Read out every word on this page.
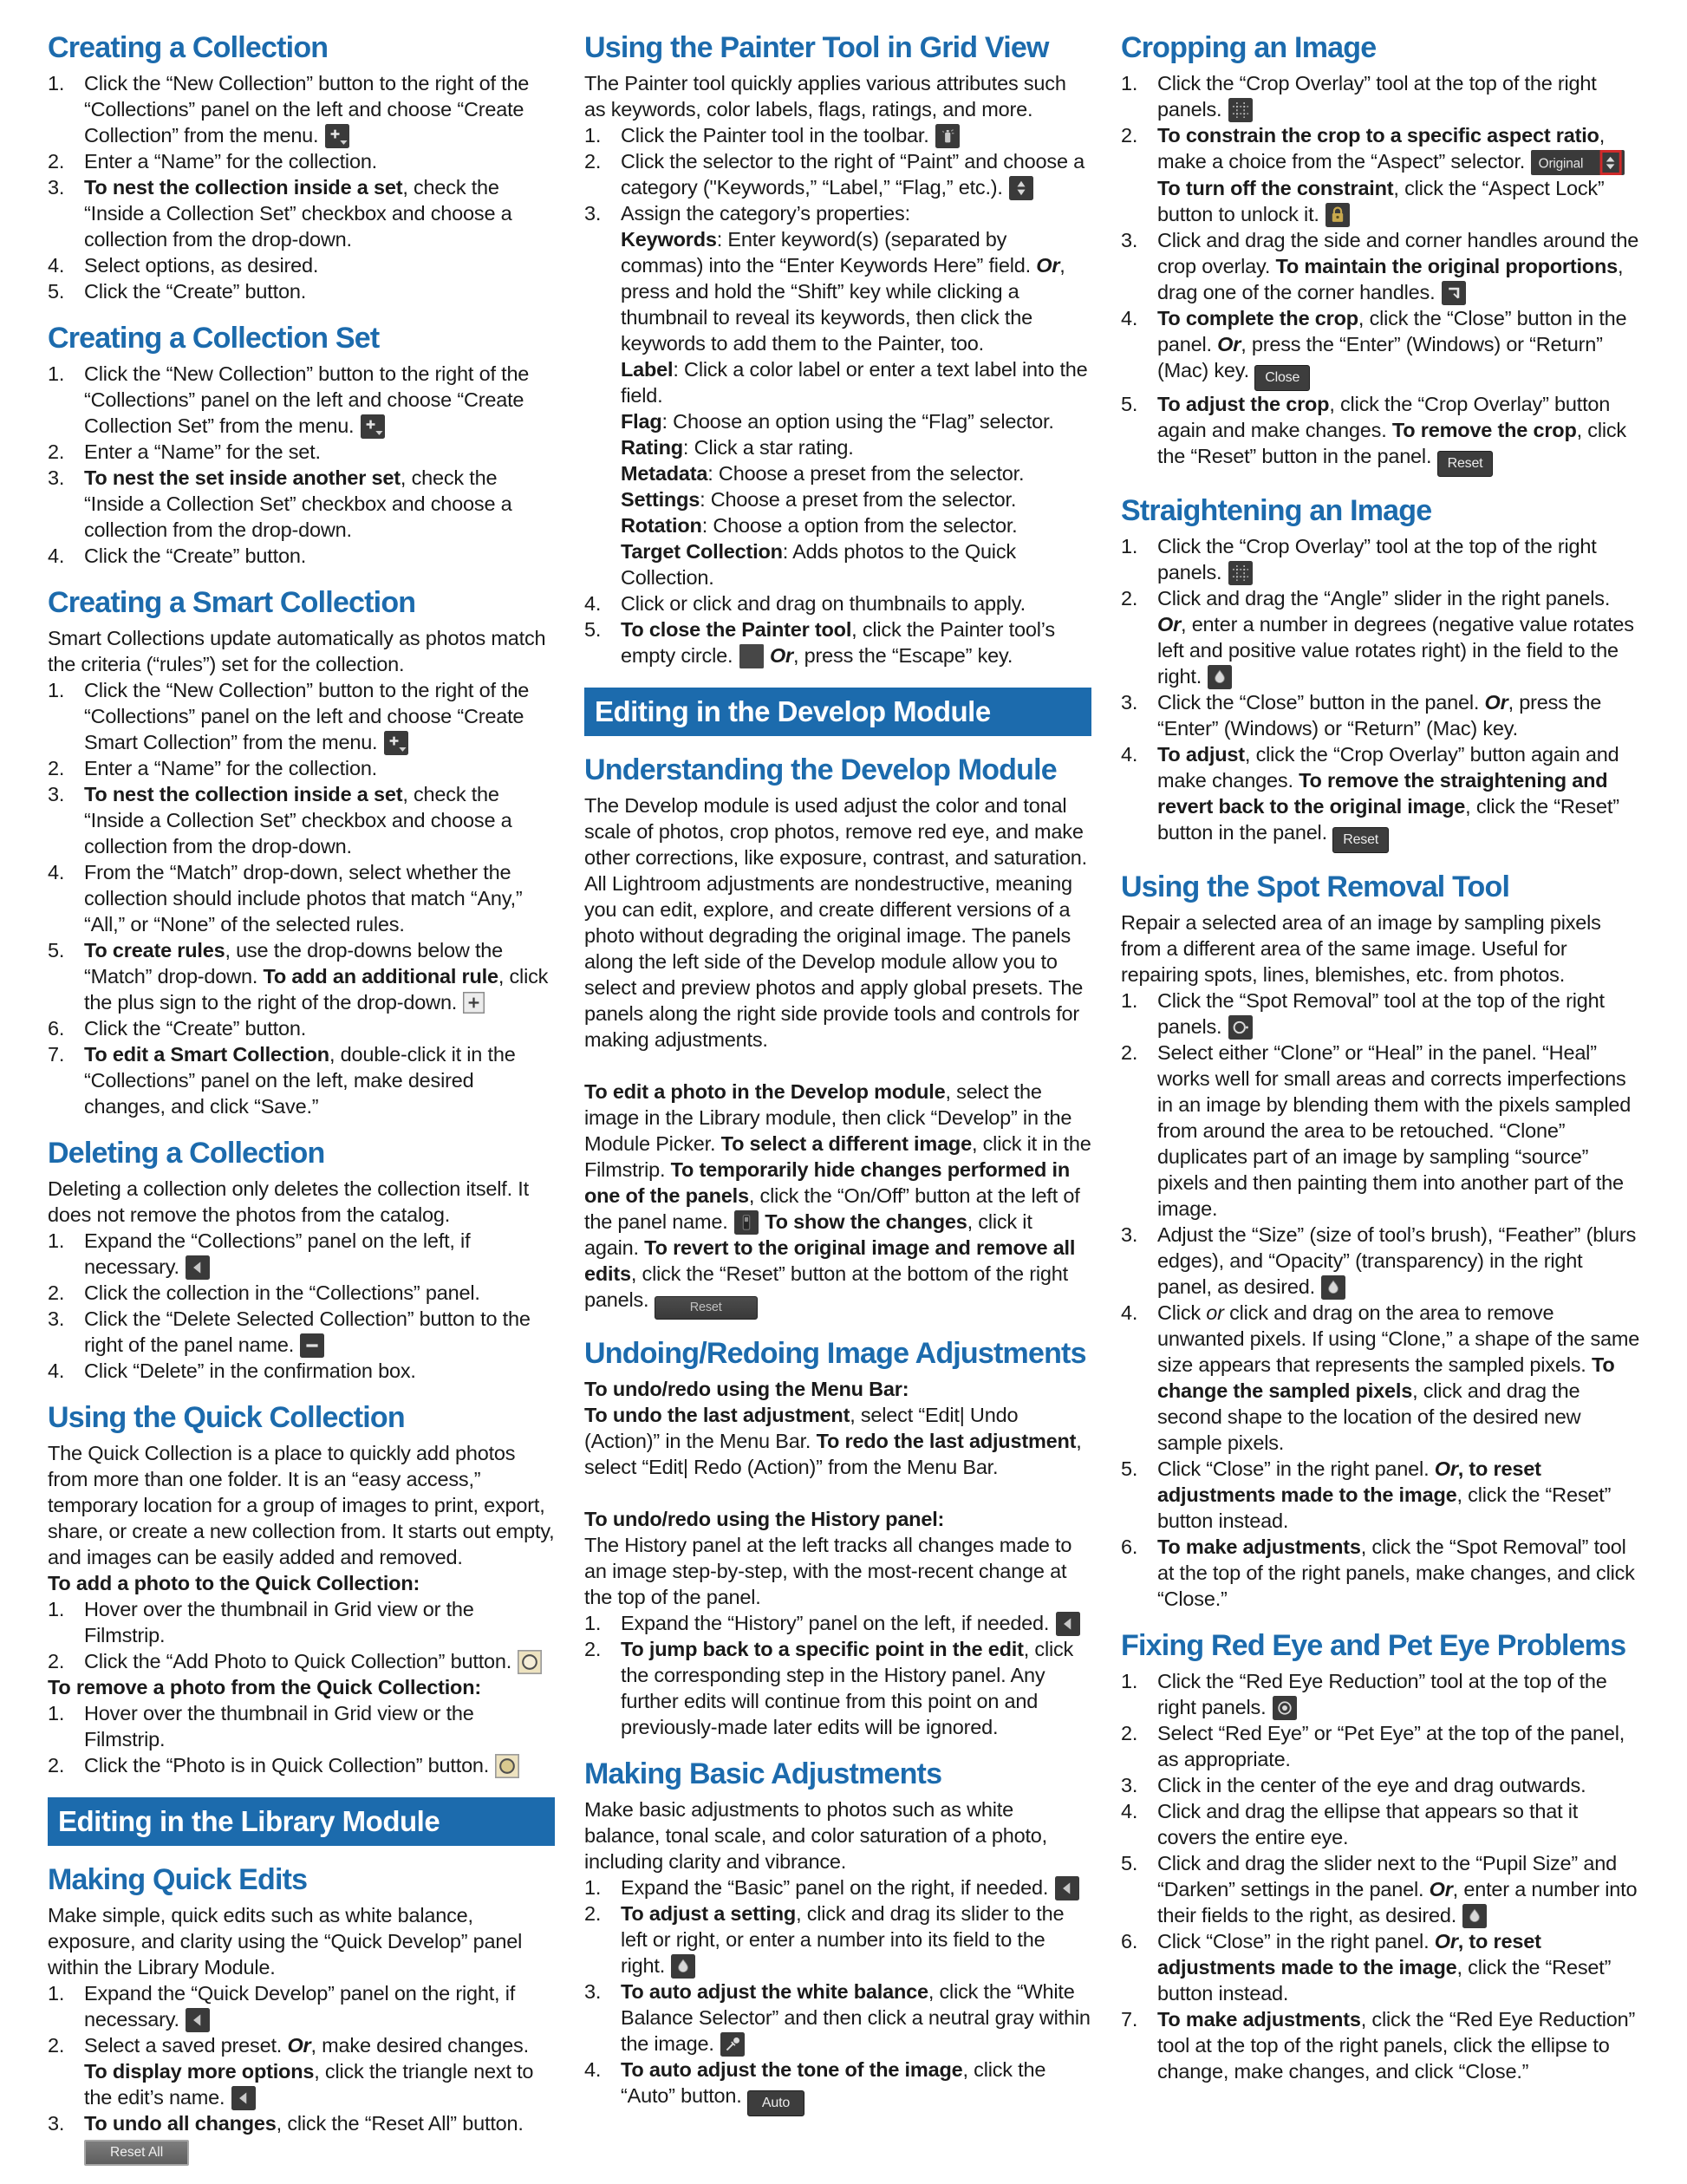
Creating a Collection
1. Click the “New Collection” button to the right of the “Collections” panel on the left and choose “Create Collection” from the menu.
2. Enter a “Name” for the collection.
3. To nest the collection inside a set, check the “Inside a Collection Set” checkbox and choose a collection from the drop-down.
4. Select options, as desired.
5. Click the “Create” button.
Creating a Collection Set
1. Click the “New Collection” button to the right of the “Collections” panel on the left and choose “Create Collection Set” from the menu.
2. Enter a “Name” for the set.
3. To nest the set inside another set, check the “Inside a Collection Set” checkbox and choose a collection from the drop-down.
4. Click the “Create” button.
Creating a Smart Collection

Smart Collections update automatically as photos match the criteria (“rules”) set for the collection.

1. Click the “New Collection” button to the right of the “Collections” panel on the left and choose “Create Smart Collection” from the menu.
2. Enter a “Name” for the collection.
3. To nest the collection inside a set, check the “Inside a Collection Set” checkbox and choose a collection from the drop-down.
4. From the “Match” drop-down, select whether the collection should include photos that match “Any,” “All,” or “None” of the selected rules.
5. To create rules, use the drop-downs below the “Match” drop-down. To add an additional rule, click the plus sign to the right of the drop-down.
6. Click the “Create” button.
7. To edit a Smart Collection, double-click it in the “Collections” panel on the left, make desired changes, and click “Save.”
Deleting a Collection

Deleting a collection only deletes the collection itself. It does not remove the photos from the catalog.

1. Expand the “Collections” panel on the left, if necessary.
2. Click the collection in the “Collections” panel.
3. Click the “Delete Selected Collection” button to the right of the panel name.
4. Click “Delete” in the confirmation box.
Using the Quick Collection

The Quick Collection is a place to quickly add photos from more than one folder. It is an “easy access,” temporary location for a group of images to print, export, share, or create a new collection from. It starts out empty, and images can be easily added and removed.

To add a photo to the Quick Collection:

1. Hover over the thumbnail in Grid view or the Filmstrip.
2. Click the “Add Photo to Quick Collection” button.

To remove a photo from the Quick Collection:

1. Hover over the thumbnail in Grid view or the Filmstrip.
2. Click the “Photo is in Quick Collection” button.
Editing in the Library Module
Making Quick Edits

Make simple, quick edits such as white balance, exposure, and clarity using the “Quick Develop” panel within the Library Module.

1. Expand the “Quick Develop” panel on the right, if necessary.
2. Select a saved preset. Or, make desired changes. To display more options, click the triangle next to the edit’s name.
3. To undo all changes, click the “Reset All” button.
Reset All
Using the Painter Tool in Grid View

The Painter tool quickly applies various attributes such as keywords, color labels, flags, ratings, and more.

1. Click the Painter tool in the toolbar.
2. Click the selector to the right of “Paint” and choose a category ("Keywords,” “Label,” “Flag,” etc.).
3. Assign the category’s properties:

Keywords: Enter keyword(s) (separated by commas) into the “Enter Keywords Here” field. Or, press and hold the “Shift” key while clicking a thumbnail to reveal its keywords, then click the keywords to add them to the Painter, too.

Label: Click a color label or enter a text label into the field.

Flag: Choose an option using the “Flag” selector.

Rating: Click a star rating.

Metadata: Choose a preset from the selector.

Settings: Choose a preset from the selector.

Rotation: Choose a option from the selector.

Target Collection: Adds photos to the Quick Collection.

4. Click or click and drag on thumbnails to apply.
5. To close the Painter tool, click the Painter tool’s empty circle.
Or, press the “Escape” key.
Editing in the Develop Module
Understanding the Develop Module

The Develop module is used adjust the color and tonal scale of photos, crop photos, remove red eye, and make other corrections, like exposure, contrast, and saturation. All Lightroom adjustments are nondestructive, meaning you can edit, explore, and create different versions of a photo without degrading the original image. The panels along the left side of the Develop module allow you to select and preview photos and apply global presets. The panels along the right side provide tools and controls for making adjustments.

To edit a photo in the Develop module, select the image in the Library module, then click “Develop” in the Module Picker. To select a different image, click it in the Filmstrip. To temporarily hide changes performed in one of the panels, click the “On/Off” button at the left of the panel name.
To show the changes, click it again. To revert to the original image and remove all edits, click the “Reset” button at the bottom of the right panels.	Reset

Undoing/Redoing Image Adjustments

To undo/redo using the Menu Bar:

To undo the last adjustment, select “Edit| Undo (Action)” in the Menu Bar. To redo the last adjustment, select “Edit| Redo (Action)” from the Menu Bar.

To undo/redo using the History panel:

The History panel at the left tracks all changes made to an image step-by-step, with the most-recent change at the top of the panel.

1. Expand the “History” panel on the left, if needed.
2. To jump back to a specific point in the edit, click the corresponding step in the History panel. Any further edits will continue from this point on and previously-made later edits will be ignored.
Making Basic Adjustments

Make basic adjustments to photos such as white balance, tonal scale, and color saturation of a photo, including clarity and vibrance.

1. Expand the “Basic” panel on the right, if needed.
2. To adjust a setting, click and drag its slider to the left or right, or enter a number into its field to the right.
3. To auto adjust the white balance, click the “White Balance Selector” and then click a neutral gray within the image.
4. To auto adjust the tone of the image, click the “Auto” button. Auto
Cropping an Image
1. Click the “Crop Overlay” tool at the top of the right panels.
2. To constrain the crop to a specific aspect ratio, make a choice from the “Aspect” selector. Original
To turn off the constraint, click the “Aspect Lock” button to unlock it.
3. Click and drag the side and corner handles around the crop overlay. To maintain the original proportions, drag one of the corner handles.
4. To complete the crop, click the “Close” button in the panel. Or, press the “Enter” (Windows) or “Return” (Mac) key. Close
5. To adjust the crop, click the “Crop Overlay” button again and make changes. To remove the crop, click the “Reset” button in the panel. Reset
Straightening an Image
1. Click the “Crop Overlay” tool at the top of the right panels.
2. Click and drag the “Angle” slider in the right panels. Or, enter a number in degrees (negative value rotates left and positive value rotates right) in the field to the right.
3. Click the “Close” button in the panel. Or, press the “Enter” (Windows) or “Return” (Mac) key.
4. To adjust, click the “Crop Overlay” button again and make changes. To remove the straightening and revert back to the original image, click the “Reset” button in the panel. Reset
Using the Spot Removal Tool

Repair a selected area of an image by sampling pixels from a different area of the same image. Useful for repairing spots, lines, blemishes, etc. from photos.

1. Click the “Spot Removal” tool at the top of the right panels.
2. Select either “Clone” or “Heal” in the panel. “Heal” works well for small areas and corrects imperfections in an image by blending them with the pixels sampled from around the area to be retouched. “Clone” duplicates part of an image by sampling “source” pixels and then painting them into another part of the image.
3. Adjust the “Size” (size of tool’s brush), “Feather” (blurs edges), and “Opacity” (transparency) in the right panel, as desired.
4. Click or click and drag on the area to remove unwanted pixels. If using “Clone,” a shape of the same size appears that represents the sampled pixels. To change the sampled pixels, click and drag the second shape to the location of the desired new sample pixels.
5. Click “Close” in the right panel. Or, to reset adjustments made to the image, click the “Reset” button instead.
6. To make adjustments, click the “Spot Removal” tool at the top of the right panels, make changes, and click “Close.”
Fixing Red Eye and Pet Eye Problems
1. Click the “Red Eye Reduction” tool at the top of the right panels.
2. Select “Red Eye” or “Pet Eye” at the top of the panel, as appropriate.
3. Click in the center of the eye and drag outwards.
4. Click and drag the ellipse that appears so that it covers the entire eye.
5. Click and drag the slider next to the “Pupil Size” and “Darken” settings in the panel. Or, enter a number into their fields to the right, as desired.
6. Click “Close” in the right panel. Or, to reset adjustments made to the image, click the “Reset” button instead.
7. To make adjustments, click the “Red Eye Reduction” tool at the top of the right panels, click the ellipse to change, make changes, and click “Close.”
